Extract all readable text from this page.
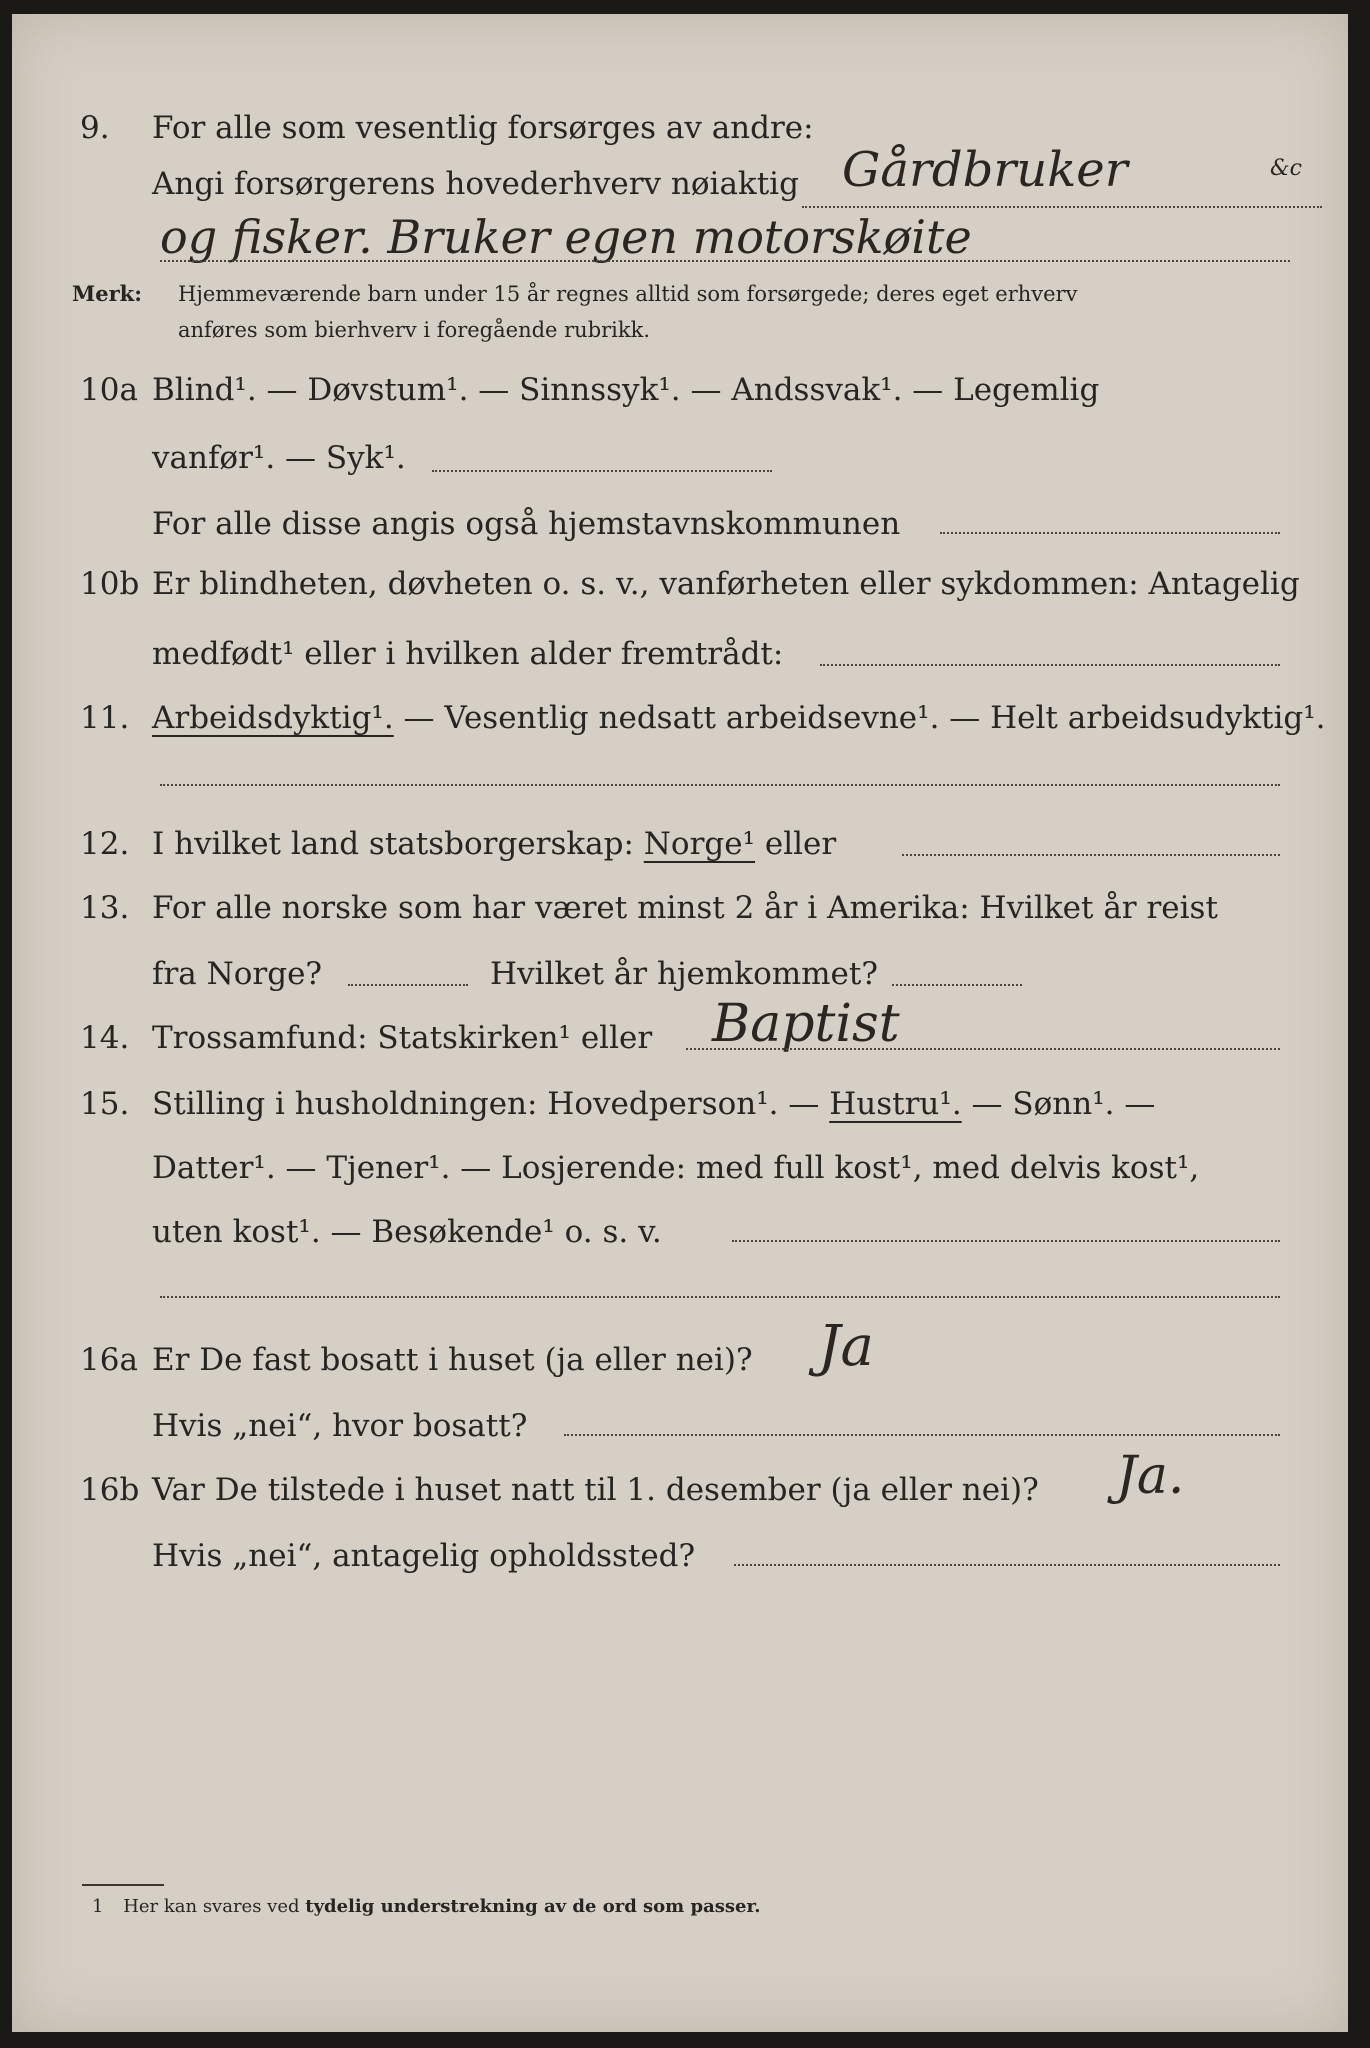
9. For alle som vesentlig forsørges av andre:
Angi forsørgerens hovederhverv nøiaktig Gårdbruker	&c
og fisker. Bruker egen motorskøite
Merk: Hjemmeværende barn under 15 år regnes alltid som forsørgede; deres eget erhverv
anføres som bierhverv i foregående rubrikk.
10a Blind¹. — Døvstum¹. — Sinnssyk¹. — Andssvak¹. — Legemlig
vanfør¹. — Syk¹.
For alle disse angis også hjemstavnskommunen
10b Er blindheten, døvheten o. s. v., vanførheten eller sykdommen: Antagelig
medfødt¹ eller i hvilken alder fremtrådt:
11. Arbeidsdyktig¹. — Vesentlig nedsatt arbeidsevne¹. — Helt arbeidsudyktig¹.
12. I hvilket land statsborgerskap: Norge¹ eller
13. For alle norske som har været minst 2 år i Amerika: Hvilket år reist
fra Norge?	Hvilket år hjemkommet?
14. Trossamfund: Statskirken¹ eller Baptist
15. Stilling i husholdningen: Hovedperson¹. — Hustru¹. — Sønn¹. —
Datter¹. — Tjener¹. — Losjerende: med full kost¹, med delvis kost¹,
uten kost¹. — Besøkende¹ o. s. v.
16a Er De fast bosatt i huset (ja eller nei)? Ja
Hvis „nei“, hvor bosatt?
16b Var De tilstede i huset natt til 1. desember (ja eller nei)? Ja.
Hvis „nei“, antagelig opholdssted?
1 Her kan svares ved tydelig understrekning av de ord som passer.
